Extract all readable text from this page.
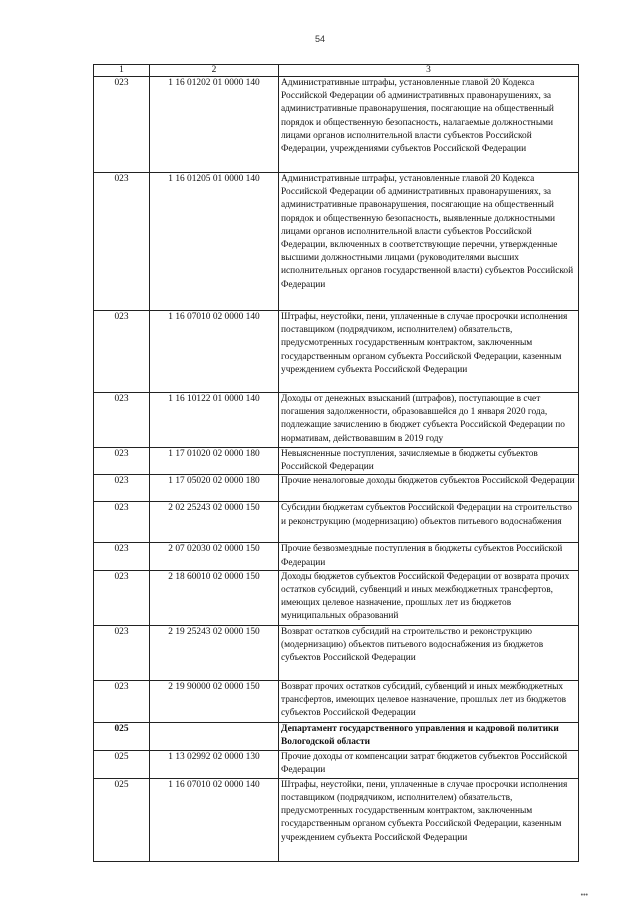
54
1	2	3
023	1 16 01202 01 0000 140	Административные штрафы, установленные главой 20 Кодекса Российской Федерации об административных правонарушениях, за административные правонарушения, посягающие на общественный порядок и общественную безопасность, налагаемые должностными лицами органов исполнительной власти субъектов Российской Федерации, учреждениями субъектов Российской Федерации
023	1 16 01205 01 0000 140	Административные штрафы, установленные главой 20 Кодекса Российской Федерации об административных правонарушениях, за административные правонарушения, посягающие на общественный порядок и общественную безопасность, выявленные должностными лицами органов исполнительной власти субъектов Российской Федерации, включенных в соответствующие перечни, утвержденные высшими должностными лицами (руководителями высших исполнительных органов государственной власти) субъектов Российской Федерации
023	1 16 07010 02 0000 140	Штрафы, неустойки, пени, уплаченные в случае просрочки исполнения поставщиком (подрядчиком, исполнителем) обязательств, предусмотренных государственным контрактом, заключенным государственным органом субъекта Российской Федерации, казенным учреждением субъекта Российской Федерации
023	1 16 10122 01 0000 140	Доходы от денежных взысканий (штрафов), поступающие в счет погашения задолженности, образовавшейся до 1 января 2020 года, подлежащие зачислению в бюджет субъекта Российской Федерации по нормативам, действовавшим в 2019 году
023	1 17 01020 02 0000 180	Невыясненные поступления, зачисляемые в бюджеты субъектов Российской Федерации
023	1 17 05020 02 0000 180	Прочие неналоговые доходы бюджетов субъектов Российской Федерации
023	2 02 25243 02 0000 150	Субсидии бюджетам субъектов Российской Федерации на строительство и реконструкцию (модернизацию) объектов питьевого водоснабжения
023	2 07 02030 02 0000 150	Прочие безвозмездные поступления в бюджеты субъектов Российской Федерации
023	2 18 60010 02 0000 150	Доходы бюджетов субъектов Российской Федерации от возврата прочих остатков субсидий, субвенций и иных межбюджетных трансфертов, имеющих целевое назначение, прошлых лет из бюджетов муниципальных образований
023	2 19 25243 02 0000 150	Возврат остатков субсидий на строительство и реконструкцию (модернизацию) объектов питьевого водоснабжения из бюджетов субъектов Российской Федерации
023	2 19 90000 02 0000 150	Возврат прочих остатков субсидий, субвенций и иных межбюджетных трансфертов, имеющих целевое назначение, прошлых лет из бюджетов субъектов Российской Федерации
025		Департамент государственного управления и кадровой политики Вологодской области
025	1 13 02992 02 0000 130	Прочие доходы от компенсации затрат бюджетов субъектов Российской Федерации
025	1 16 07010 02 0000 140	Штрафы, неустойки, пени, уплаченные в случае просрочки исполнения поставщиком (подрядчиком, исполнителем) обязательств, предусмотренных государственным контрактом, заключенным государственным органом субъекта Российской Федерации, казенным учреждением субъекта Российской Федерации
•••
